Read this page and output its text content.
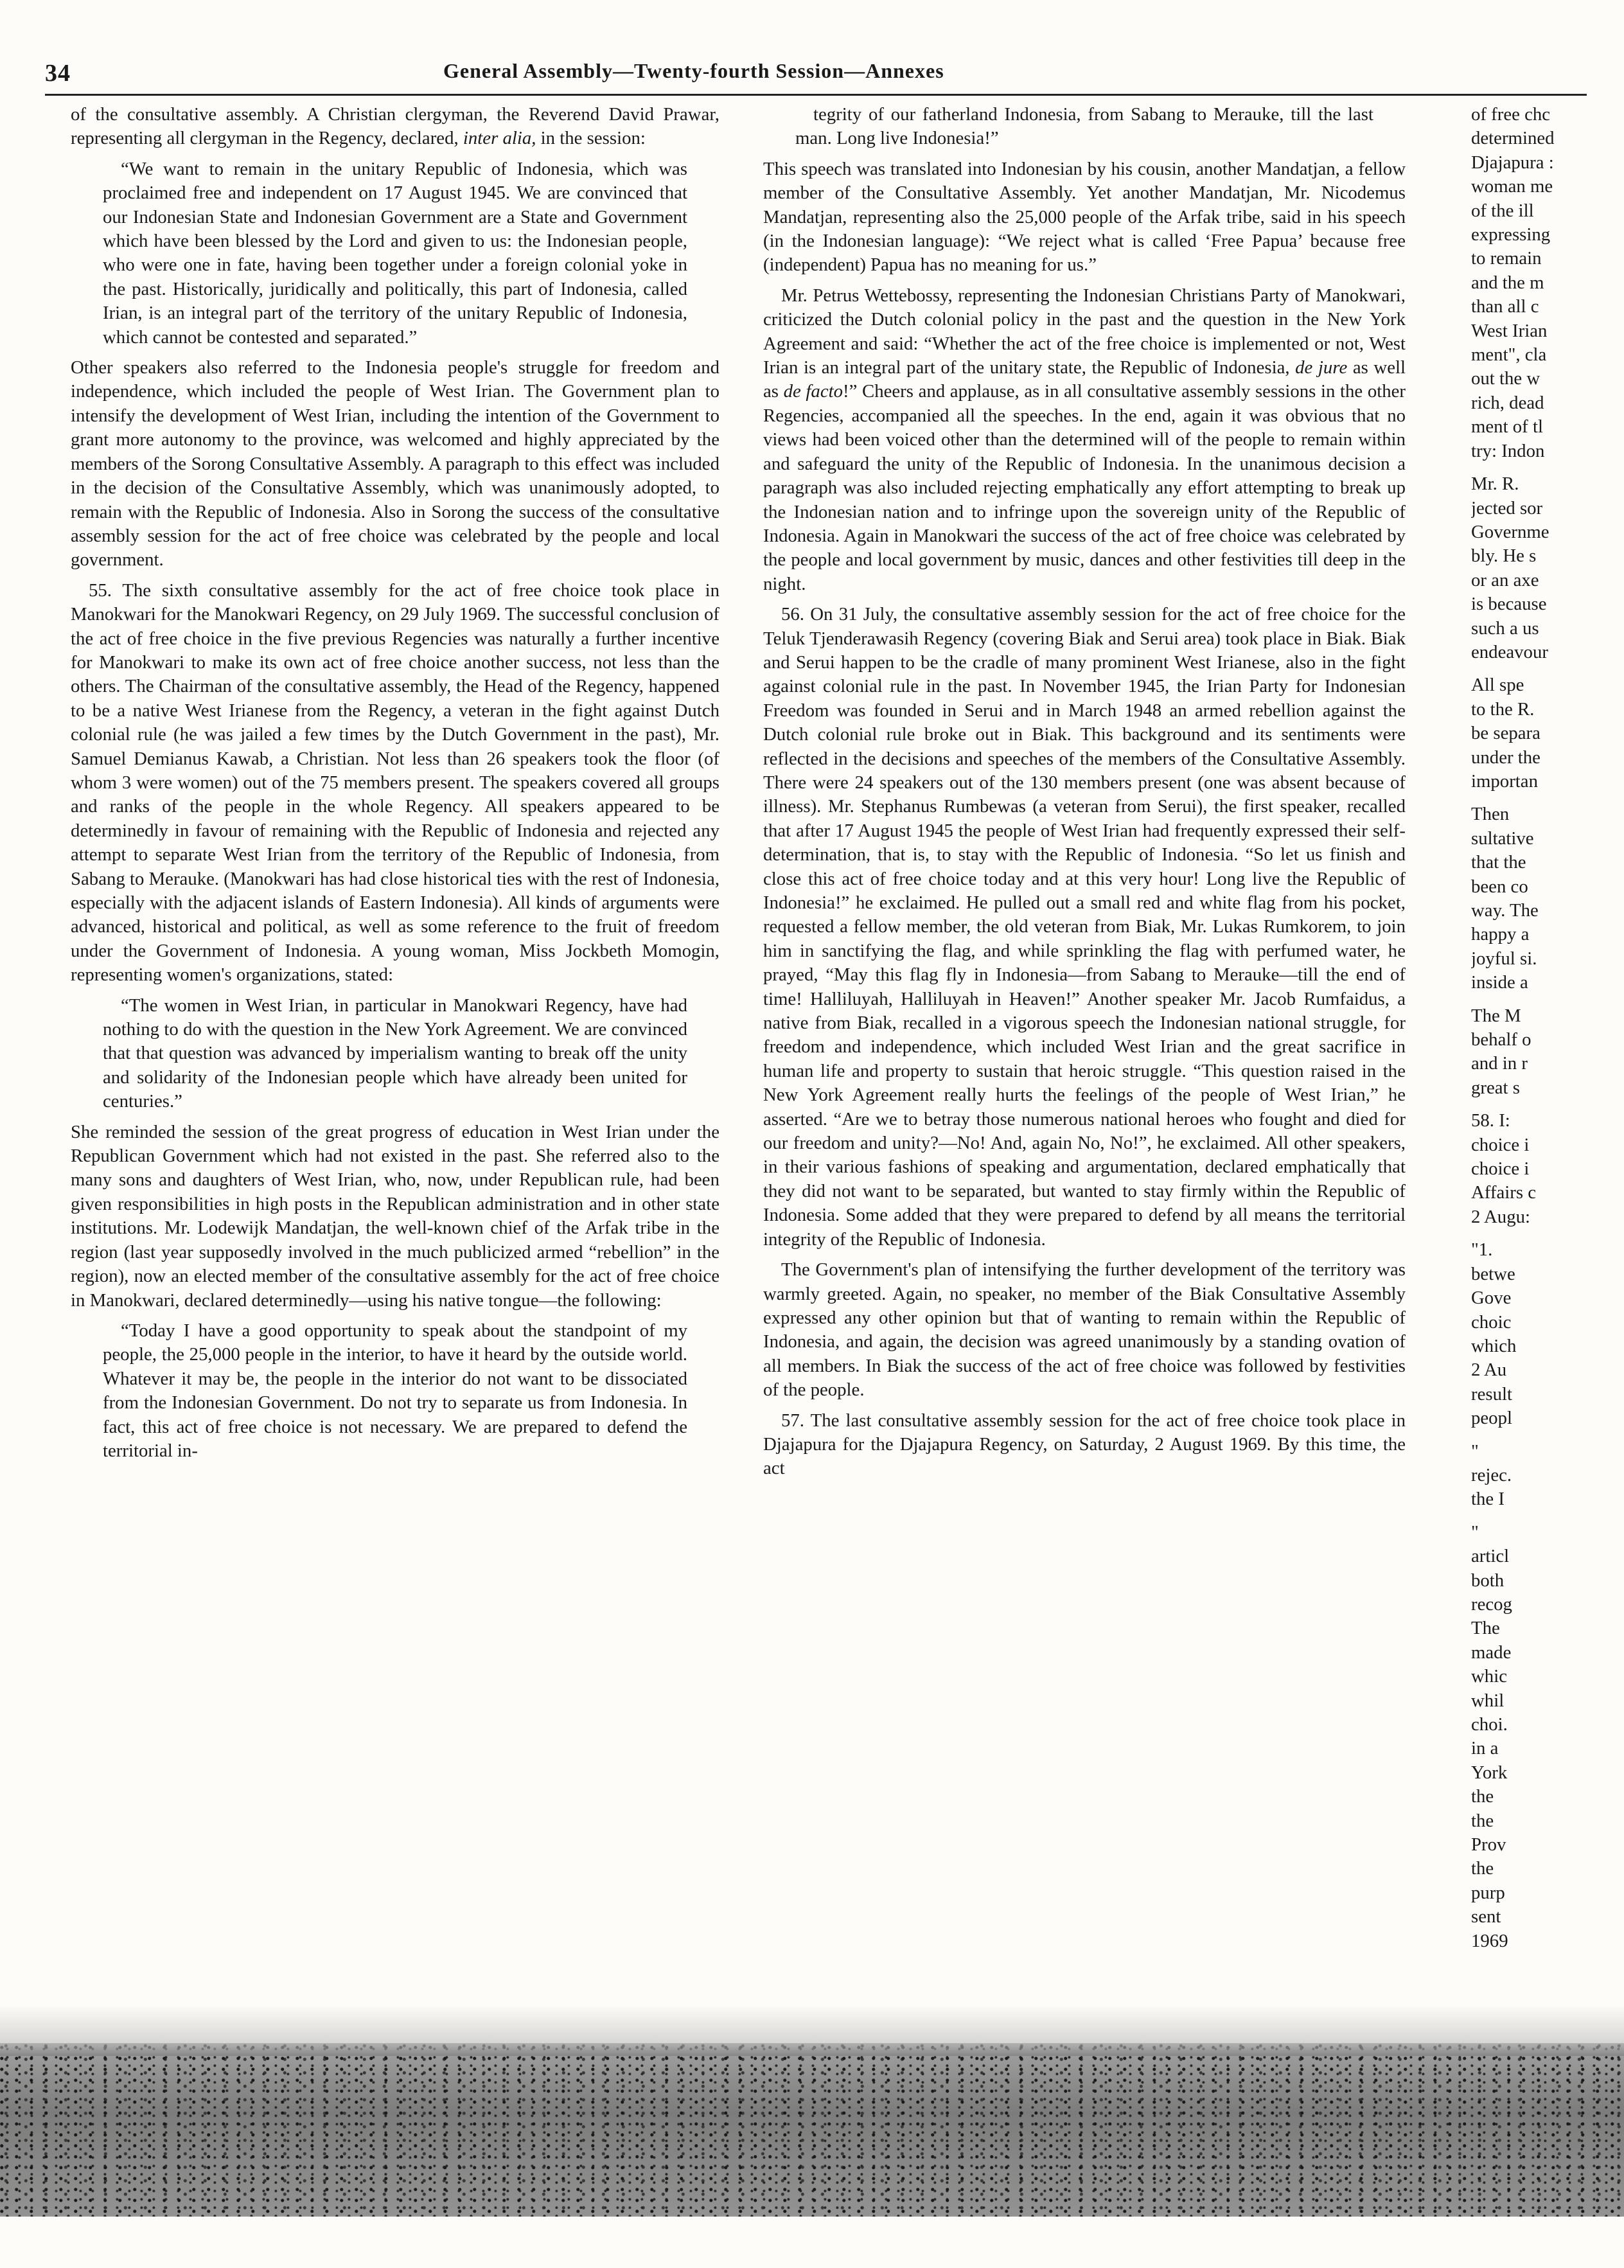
34	General Assembly—Twenty-fourth Session—Annexes

of the consultative assembly. A Christian clergyman, the Reverend David Prawar, representing all clergyman in the Regency, declared, inter alia, in the session:

“We want to remain in the unitary Republic of Indonesia, which was proclaimed free and independent on 17 August 1945. We are convinced that our Indonesian State and Indonesian Government are a State and Government which have been blessed by the Lord and given to us: the Indonesian people, who were one in fate, having been together under a foreign colonial yoke in the past. Historically, juridically and politically, this part of Indonesia, called Irian, is an integral part of the territory of the unitary Republic of Indonesia, which cannot be contested and separated.”

Other speakers also referred to the Indonesia people's struggle for freedom and independence, which included the people of West Irian. The Government plan to intensify the development of West Irian, including the intention of the Government to grant more autonomy to the province, was welcomed and highly appreciated by the members of the Sorong Consultative Assembly. A paragraph to this effect was included in the decision of the Consultative Assembly, which was unanimously adopted, to remain with the Republic of Indonesia. Also in Sorong the success of the consultative assembly session for the act of free choice was celebrated by the people and local government.

55. The sixth consultative assembly for the act of free choice took place in Manokwari for the Manokwari Regency, on 29 July 1969. The successful conclusion of the act of free choice in the five previous Regencies was naturally a further incentive for Manokwari to make its own act of free choice another success, not less than the others. The Chairman of the consultative assembly, the Head of the Regency, happened to be a native West Irianese from the Regency, a veteran in the fight against Dutch colonial rule (he was jailed a few times by the Dutch Government in the past), Mr. Samuel Demianus Kawab, a Christian. Not less than 26 speakers took the floor (of whom 3 were women) out of the 75 members present. The speakers covered all groups and ranks of the people in the whole Regency. All speakers appeared to be determinedly in favour of remaining with the Republic of Indonesia and rejected any attempt to separate West Irian from the territory of the Republic of Indonesia, from Sabang to Merauke. (Manokwari has had close historical ties with the rest of Indonesia, especially with the adjacent islands of Eastern Indonesia). All kinds of arguments were advanced, historical and political, as well as some reference to the fruit of freedom under the Government of Indonesia. A young woman, Miss Jockbeth Momogin, representing women's organizations, stated:

“The women in West Irian, in particular in Manokwari Regency, have had nothing to do with the question in the New York Agreement. We are convinced that that question was advanced by imperialism wanting to break off the unity and solidarity of the Indonesian people which have already been united for centuries.”

She reminded the session of the great progress of education in West Irian under the Republican Government which had not existed in the past. She referred also to the many sons and daughters of West Irian, who, now, under Republican rule, had been given responsibilities in high posts in the Republican administration and in other state institutions. Mr. Lodewijk Mandatjan, the well-known chief of the Arfak tribe in the region (last year supposedly involved in the much publicized armed “rebellion” in the region), now an elected member of the consultative assembly for the act of free choice in Manokwari, declared determinedly—using his native tongue—the following:

“Today I have a good opportunity to speak about the standpoint of my people, the 25,000 people in the interior, to have it heard by the outside world. Whatever it may be, the people in the interior do not want to be dissociated from the Indonesian Government. Do not try to separate us from Indonesia. In fact, this act of free choice is not necessary. We are prepared to defend the territorial in-

tegrity of our fatherland Indonesia, from Sabang to Merauke, till the last man. Long live Indonesia!”

This speech was translated into Indonesian by his cousin, another Mandatjan, a fellow member of the Consultative Assembly. Yet another Mandatjan, Mr. Nicodemus Mandatjan, representing also the 25,000 people of the Arfak tribe, said in his speech (in the Indonesian language): “We reject what is called ‘Free Papua’ because free (independent) Papua has no meaning for us.”

Mr. Petrus Wettebossy, representing the Indonesian Christians Party of Manokwari, criticized the Dutch colonial policy in the past and the question in the New York Agreement and said: “Whether the act of the free choice is implemented or not, West Irian is an integral part of the unitary state, the Republic of Indonesia, de jure as well as de facto!” Cheers and applause, as in all consultative assembly sessions in the other Regencies, accompanied all the speeches. In the end, again it was obvious that no views had been voiced other than the determined will of the people to remain within and safeguard the unity of the Republic of Indonesia. In the unanimous decision a paragraph was also included rejecting emphatically any effort attempting to break up the Indonesian nation and to infringe upon the sovereign unity of the Republic of Indonesia. Again in Manokwari the success of the act of free choice was celebrated by the people and local government by music, dances and other festivities till deep in the night.

56. On 31 July, the consultative assembly session for the act of free choice for the Teluk Tjenderawasih Regency (covering Biak and Serui area) took place in Biak. Biak and Serui happen to be the cradle of many prominent West Irianese, also in the fight against colonial rule in the past. In November 1945, the Irian Party for Indonesian Freedom was founded in Serui and in March 1948 an armed rebellion against the Dutch colonial rule broke out in Biak. This background and its sentiments were reflected in the decisions and speeches of the members of the Consultative Assembly. There were 24 speakers out of the 130 members present (one was absent because of illness). Mr. Stephanus Rumbewas (a veteran from Serui), the first speaker, recalled that after 17 August 1945 the people of West Irian had frequently expressed their self-determination, that is, to stay with the Republic of Indonesia. “So let us finish and close this act of free choice today and at this very hour! Long live the Republic of Indonesia!” he exclaimed. He pulled out a small red and white flag from his pocket, requested a fellow member, the old veteran from Biak, Mr. Lukas Rumkorem, to join him in sanctifying the flag, and while sprinkling the flag with perfumed water, he prayed, “May this flag fly in Indonesia—from Sabang to Merauke—till the end of time! Halliluyah, Halliluyah in Heaven!” Another speaker Mr. Jacob Rumfaidus, a native from Biak, recalled in a vigorous speech the Indonesian national struggle, for freedom and independence, which included West Irian and the great sacrifice in human life and property to sustain that heroic struggle. “This question raised in the New York Agreement really hurts the feelings of the people of West Irian,” he asserted. “Are we to betray those numerous national heroes who fought and died for our freedom and unity?—No! And, again No, No!”, he exclaimed. All other speakers, in their various fashions of speaking and argumentation, declared emphatically that they did not want to be separated, but wanted to stay firmly within the Republic of Indonesia. Some added that they were prepared to defend by all means the territorial integrity of the Republic of Indonesia.

The Government's plan of intensifying the further development of the territory was warmly greeted. Again, no speaker, no member of the Biak Consultative Assembly expressed any other opinion but that of wanting to remain within the Republic of Indonesia, and again, the decision was agreed unanimously by a standing ovation of all members. In Biak the success of the act of free choice was followed by festivities of the people.

57. The last consultative assembly session for the act of free choice took place in Djajapura for the Djajapura Regency, on Saturday, 2 August 1969. By this time, the act

of free chc

determined

Djajapura :

woman me

of the ill

expressing

to remain

and the m

than all c

West Irian

ment", cla

out the w

rich, dead

ment of tl

try: Indon

Mr. R.

jected sor

Governme

bly. He s

or an axe

is because

such a us

endeavour

All spe

to the R.

be separa

under the

importan

Then

sultative

that the

been co

way. The

happy a

joyful si.

inside a

The M

behalf o

and in r

great s

58. I:

choice i

choice i

Affairs c

2 Augu:

"1.

betwe

Gove

choic

which

2 Au

result

peopl

"

rejec.

the I

"

articl

both

recog

The

made

whic

whil

choi.

in a

York

the

the

Prov

the

purp

sent

1969
